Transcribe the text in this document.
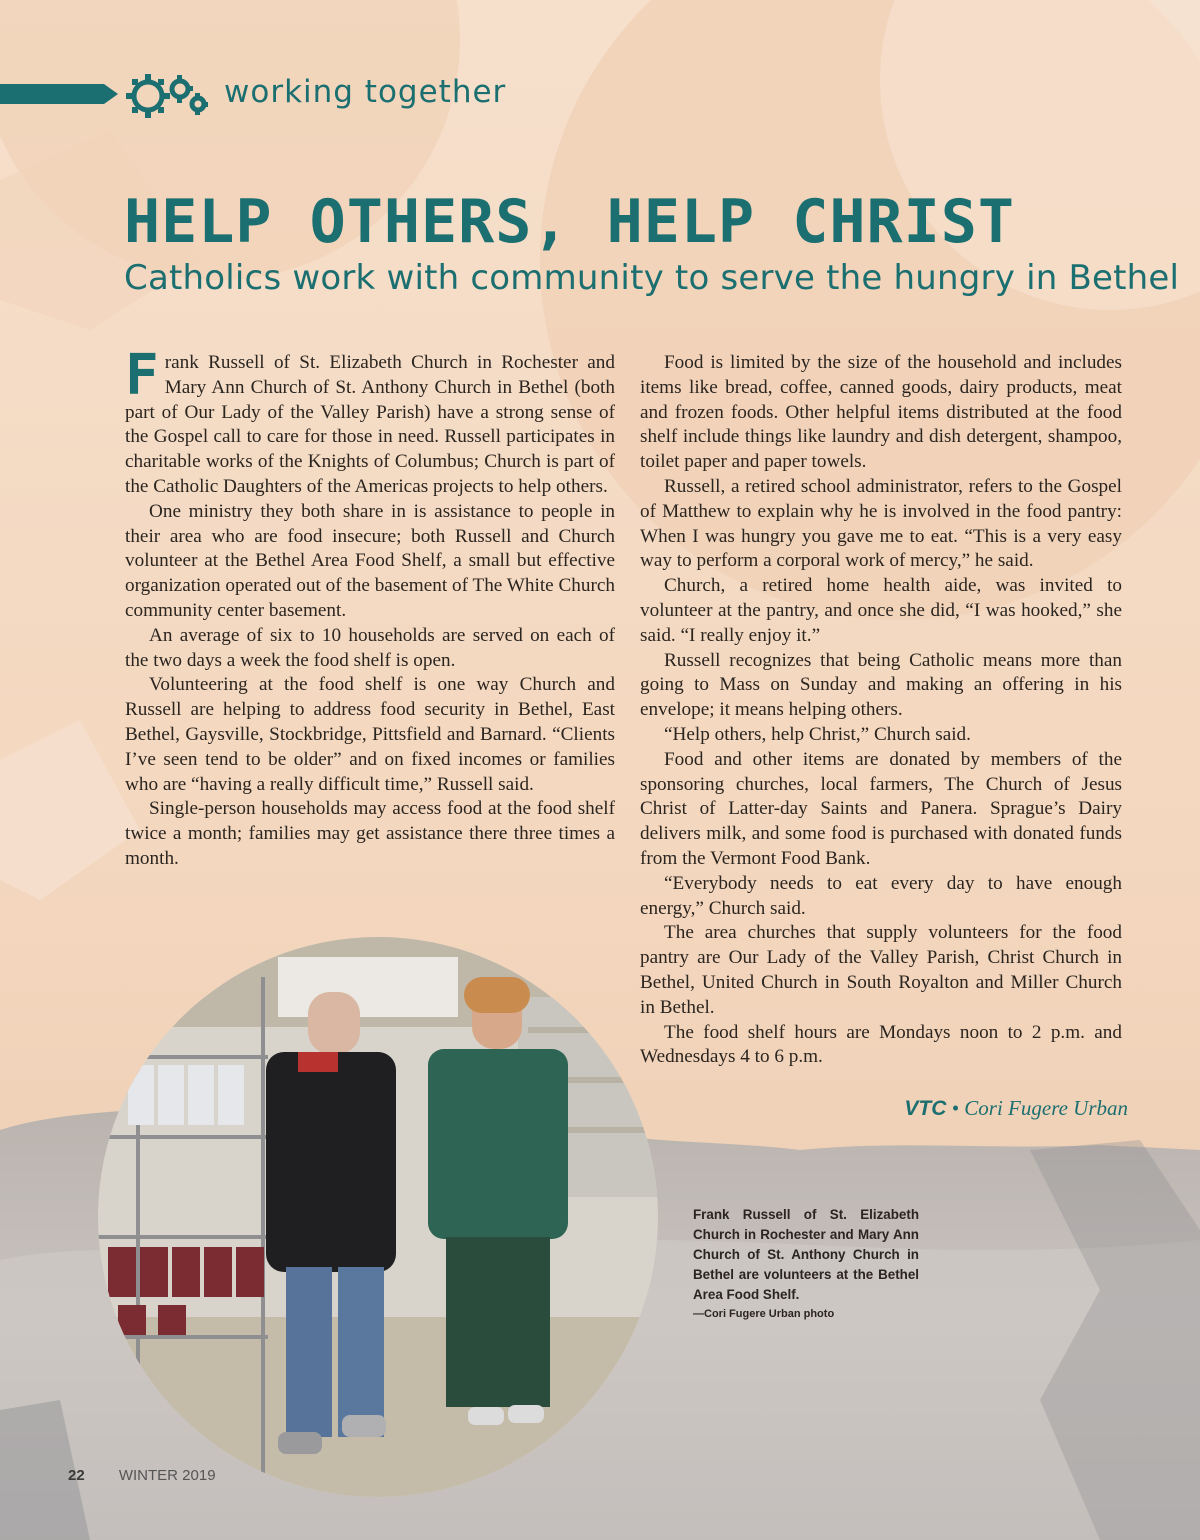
working together
HELP OTHERS, HELP CHRIST
Catholics work with community to serve the hungry in Bethel

Frank Russell of St. Elizabeth Church in Rochester and Mary Ann Church of St. Anthony Church in Bethel (both part of Our Lady of the Valley Parish) have a strong sense of the Gospel call to care for those in need. Russell participates in charitable works of the Knights of Columbus; Church is part of the Catholic Daughters of the Americas projects to help others.

One ministry they both share in is assistance to people in their area who are food insecure; both Russell and Church volunteer at the Bethel Area Food Shelf, a small but effective organization operated out of the basement of The White Church community center basement.

An average of six to 10 households are served on each of the two days a week the food shelf is open.

Volunteering at the food shelf is one way Church and Russell are helping to address food security in Bethel, East Bethel, Gaysville, Stockbridge, Pittsfield and Barnard. “Clients I’ve seen tend to be older” and on fixed incomes or families who are “having a really difficult time,” Russell said.

Single-person households may access food at the food shelf twice a month; families may get assistance there three times a month.

Food is limited by the size of the household and includes items like bread, coffee, canned goods, dairy products, meat and frozen foods. Other helpful items distributed at the food shelf include things like laundry and dish detergent, shampoo, toilet paper and paper towels.

Russell, a retired school administrator, refers to the Gospel of Matthew to explain why he is involved in the food pantry: When I was hungry you gave me to eat. “This is a very easy way to perform a corporal work of mercy,” he said.

Church, a retired home health aide, was invited to volunteer at the pantry, and once she did, “I was hooked,” she said. “I really enjoy it.”

Russell recognizes that being Catholic means more than going to Mass on Sunday and making an offering in his envelope; it means helping others.

“Help others, help Christ,” Church said.

Food and other items are donated by members of the sponsoring churches, local farmers, The Church of Jesus Christ of Latter-day Saints and Panera. Sprague’s Dairy delivers milk, and some food is purchased with donated funds from the Vermont Food Bank.

“Everybody needs to eat every day to have enough energy,” Church said.

The area churches that supply volunteers for the food pantry are Our Lady of the Valley Parish, Christ Church in Bethel, United Church in South Royalton and Miller Church in Bethel.

The food shelf hours are Mondays noon to 2 p.m. and Wednesdays 4 to 6 p.m.

VTC • Cori Fugere Urban
Frank Russell of St. Elizabeth Church in Rochester and Mary Ann Church of St. Anthony Church in Bethel are volunteers at the Bethel Area Food Shelf.
—Cori Fugere Urban photo
22 WINTER 2019
